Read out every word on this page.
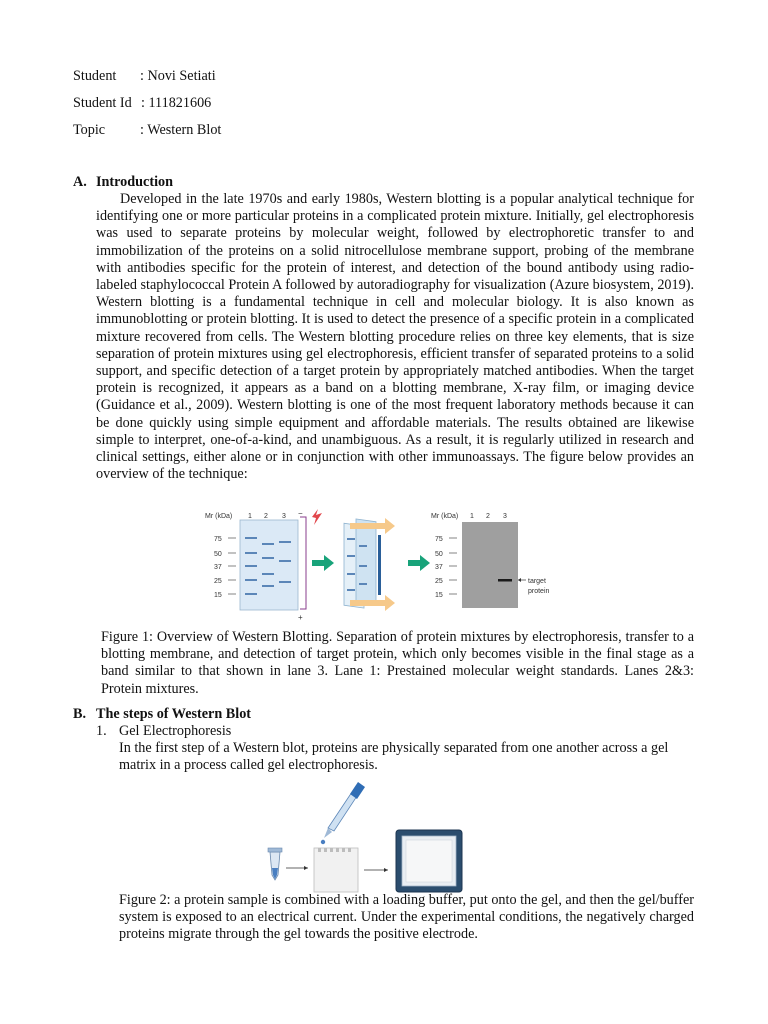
Student : Novi Setiati
Student Id : 111821606
Topic : Western Blot
A. Introduction

Developed in the late 1970s and early 1980s, Western blotting is a popular analytical technique for identifying one or more particular proteins in a complicated protein mixture. Initially, gel electrophoresis was used to separate proteins by molecular weight, followed by electrophoretic transfer to and immobilization of the proteins on a solid nitrocellulose membrane support, probing of the membrane with antibodies specific for the protein of interest, and detection of the bound antibody using radio-labeled staphylococcal Protein A followed by autoradiography for visualization (Azure biosystem, 2019). Western blotting is a fundamental technique in cell and molecular biology. It is also known as immunoblotting or protein blotting. It is used to detect the presence of a specific protein in a complicated mixture recovered from cells. The Western blotting procedure relies on three key elements, that is size separation of protein mixtures using gel electrophoresis, efficient transfer of separated proteins to a solid support, and specific detection of a target protein by appropriately matched antibodies. When the target protein is recognized, it appears as a band on a blotting membrane, X-ray film, or imaging device (Guidance et al., 2009). Western blotting is one of the most frequent laboratory methods because it can be done quickly using simple equipment and affordable materials. The results obtained are likewise simple to interpret, one-of-a-kind, and unambiguous. As a result, it is regularly utilized in research and clinical settings, either alone or in conjunction with other immunoassays. The figure below provides an overview of the technique:

Mr (kDa) 1 2 3
75
50
37
25
15
−
+
Mr (kDa) 1 2 3
75
50
37
25
15
target
protein

Figure 1: Overview of Western Blotting. Separation of protein mixtures by electrophoresis, transfer to a blotting membrane, and detection of target protein, which only becomes visible in the final stage as a band similar to that shown in lane 3. Lane 1: Prestained molecular weight standards. Lanes 2&3: Protein mixtures.

B. The steps of Western Blot
1. Gel Electrophoresis

In the first step of a Western blot, proteins are physically separated from one another across a gel matrix in a process called gel electrophoresis.

Figure 2: a protein sample is combined with a loading buffer, put onto the gel, and then the gel/buffer system is exposed to an electrical current. Under the experimental conditions, the negatively charged proteins migrate through the gel towards the positive electrode.
